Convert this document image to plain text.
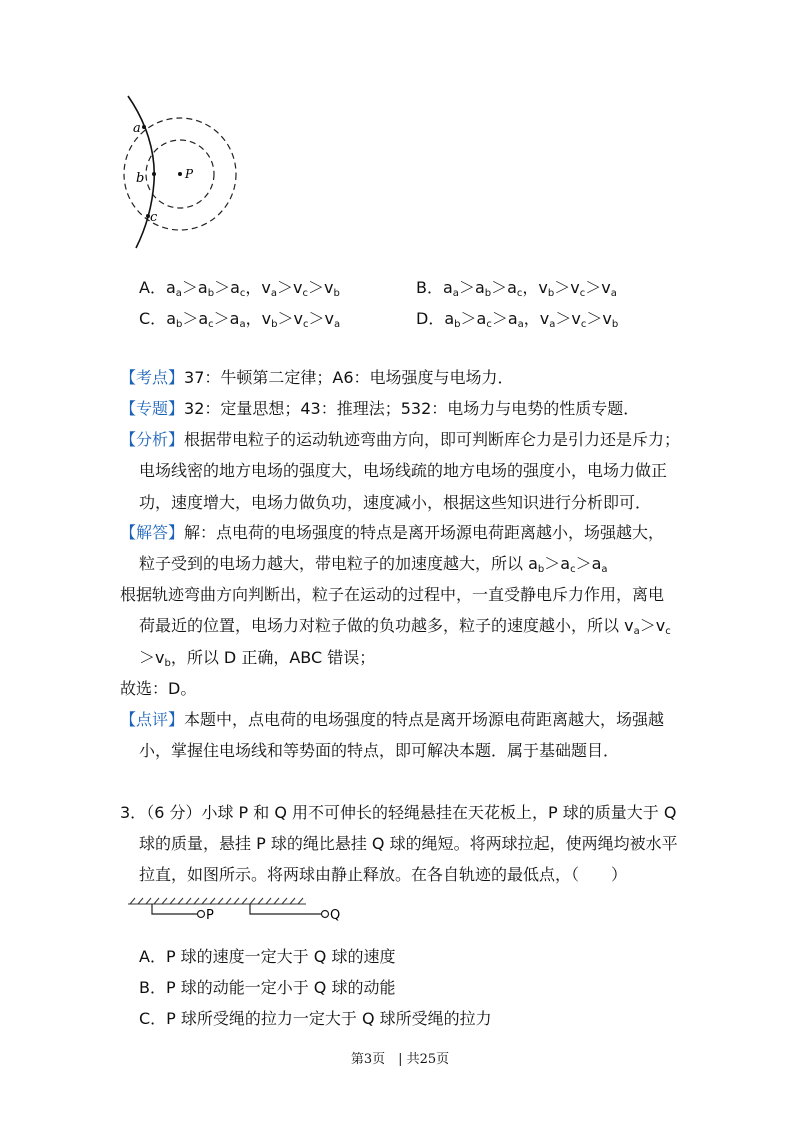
a
b
c
P
A．$a_a>a_b>a_c$，$v_a>v_c>v_b$	B．$a_a>a_b>a_c$，$v_b>v_c>v_a$
C．$a_b>a_c>a_a$，$v_b>v_c>v_a$	D．$a_b>a_c>a_a$，$v_a>v_c>v_b$
【考点】37：牛顿第二定律；A6：电场强度与电场力．
【专题】32：定量思想；43：推理法；532：电场力与电势的性质专题．
【分析】根据带电粒子的运动轨迹弯曲方向，即可判断库仑力是引力还是斥力；
电场线密的地方电场的强度大，电场线疏的地方电场的强度小，电场力做正
功，速度增大，电场力做负功，速度减小，根据这些知识进行分析即可．
【解答】解：点电荷的电场强度的特点是离开场源电荷距离越小，场强越大，
粒子受到的电场力越大，带电粒子的加速度越大，所以 $a_b>a_c>a_a$
根据轨迹弯曲方向判断出，粒子在运动的过程中，一直受静电斥力作用，离电
荷最近的位置，电场力对粒子做的负功越多，粒子的速度越小，所以 $v_a>v_c$
$>v_b$，所以 D 正确，ABC 错误；
故选：D。
【点评】本题中，点电荷的电场强度的特点是离开场源电荷距离越大，场强越
小，掌握住电场线和等势面的特点，即可解决本题．属于基础题目．
3．（6 分）小球 P 和 Q 用不可伸长的轻绳悬挂在天花板上，P 球的质量大于 Q
球的质量，悬挂 P 球的绳比悬挂 Q 球的绳短。将两球拉起，使两绳均被水平
拉直，如图所示。将两球由静止释放。在各自轨迹的最低点，（　　）
P	Q
A．P 球的速度一定大于 Q 球的速度
B．P 球的动能一定小于 Q 球的动能
C．P 球所受绳的拉力一定大于 Q 球所受绳的拉力
第3页　| 共25页
